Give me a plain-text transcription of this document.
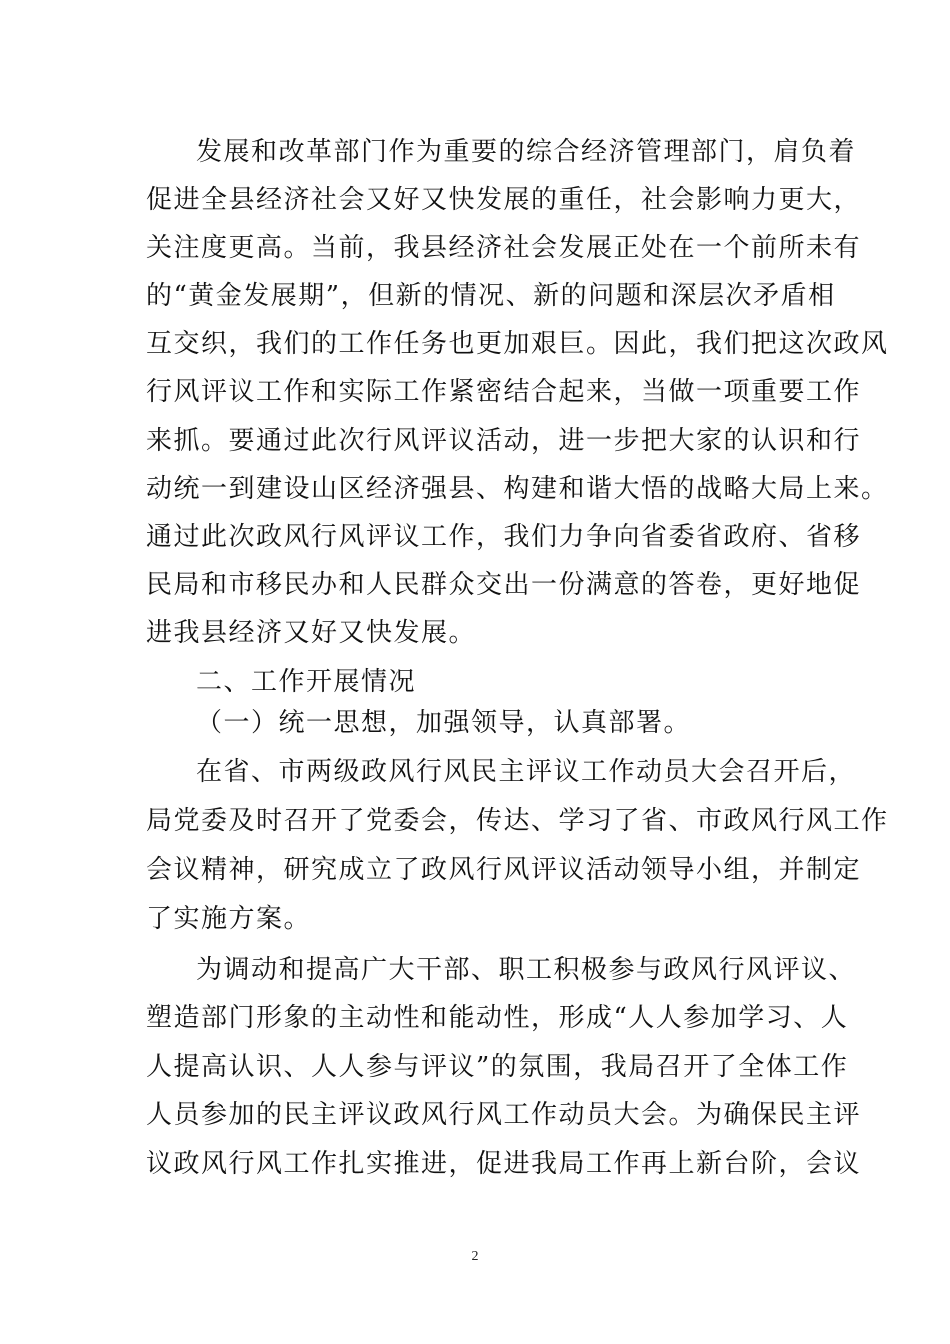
发展和改革部门作为重要的综合经济管理部门，肩负着
促进全县经济社会又好又快发展的重任，社会影响力更大，
关注度更高。当前，我县经济社会发展正处在一个前所未有
的“黄金发展期”，但新的情况、新的问题和深层次矛盾相
互交织，我们的工作任务也更加艰巨。因此，我们把这次政风
行风评议工作和实际工作紧密结合起来，当做一项重要工作
来抓。要通过此次行风评议活动，进一步把大家的认识和行
动统一到建设山区经济强县、构建和谐大悟的战略大局上来。
通过此次政风行风评议工作，我们力争向省委省政府、省移
民局和市移民办和人民群众交出一份满意的答卷，更好地促
进我县经济又好又快发展。
二、工作开展情况
（一）统一思想，加强领导，认真部署。
在省、市两级政风行风民主评议工作动员大会召开后，
局党委及时召开了党委会，传达、学习了省、市政风行风工作
会议精神，研究成立了政风行风评议活动领导小组，并制定
了实施方案。
为调动和提高广大干部、职工积极参与政风行风评议、
塑造部门形象的主动性和能动性，形成“人人参加学习、人
人提高认识、人人参与评议”的氛围，我局召开了全体工作
人员参加的民主评议政风行风工作动员大会。为确保民主评
议政风行风工作扎实推进，促进我局工作再上新台阶，会议
2
